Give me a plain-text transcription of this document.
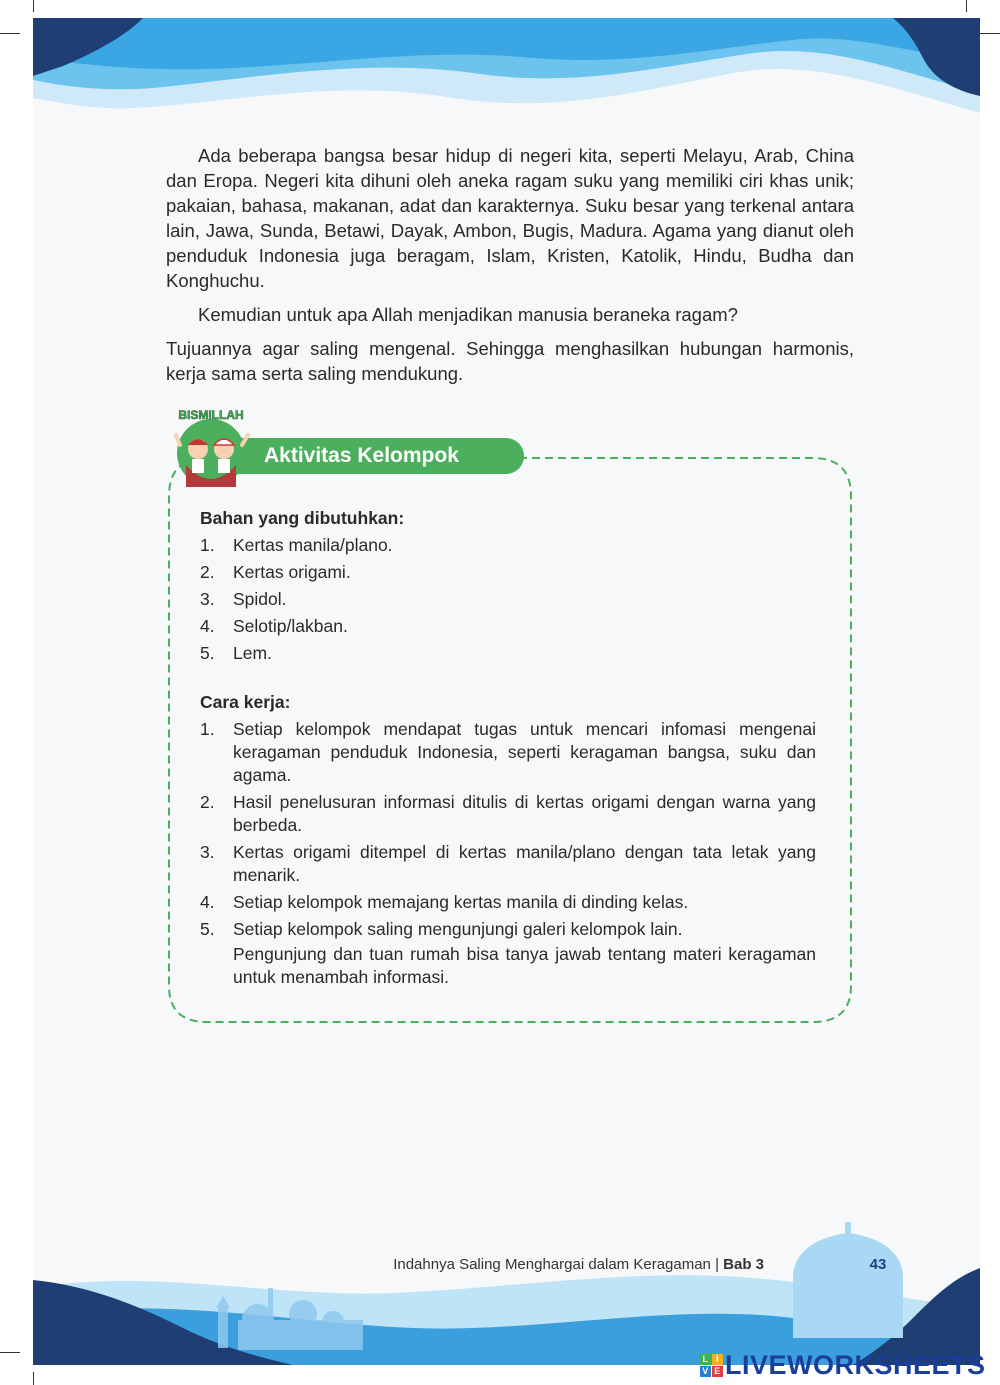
Indahnya Saling Menghargai dalam Keragaman | Bab 3	43

Ada beberapa bangsa besar hidup di negeri kita, seperti Melayu, Arab, China dan Eropa. Negeri kita dihuni oleh aneka ragam suku yang memiliki ciri khas unik; pakaian, bahasa, makanan, adat dan karakternya. Suku besar yang terkenal antara lain, Jawa, Sunda, Betawi, Dayak, Ambon, Bugis, Madura. Agama yang dianut oleh penduduk Indonesia juga beragam, Islam, Kristen, Katolik, Hindu, Budha dan Konghuchu.

Kemudian untuk apa Allah menjadikan manusia beraneka ragam?

Tujuannya agar saling mengenal. Sehingga menghasilkan hubungan harmonis, kerja sama serta saling mendukung.

Aktivitas Kelompok
BISMILLAH
Bahan yang dibutuhkan:
1.	Kertas manila/plano.
2.	Kertas origami.
3.	Spidol.
4.	Selotip/lakban.
5.	Lem.
Cara kerja:
1.	Setiap kelompok mendapat tugas untuk mencari infomasi mengenai keragaman penduduk Indonesia, seperti keragaman bangsa, suku dan agama.
2.	Hasil penelusuran informasi ditulis di kertas origami dengan warna yang berbeda.
3.	Kertas origami ditempel di kertas manila/plano dengan tata letak yang menarik.
4.	Setiap kelompok memajang kertas manila di dinding kelas.
5.	Setiap kelompok saling mengunjungi galeri kelompok lain.
Pengunjung dan tuan rumah bisa tanya jawab tentang materi keragaman untuk menambah informasi.
L I
V E LIVEWORKSHEETS
